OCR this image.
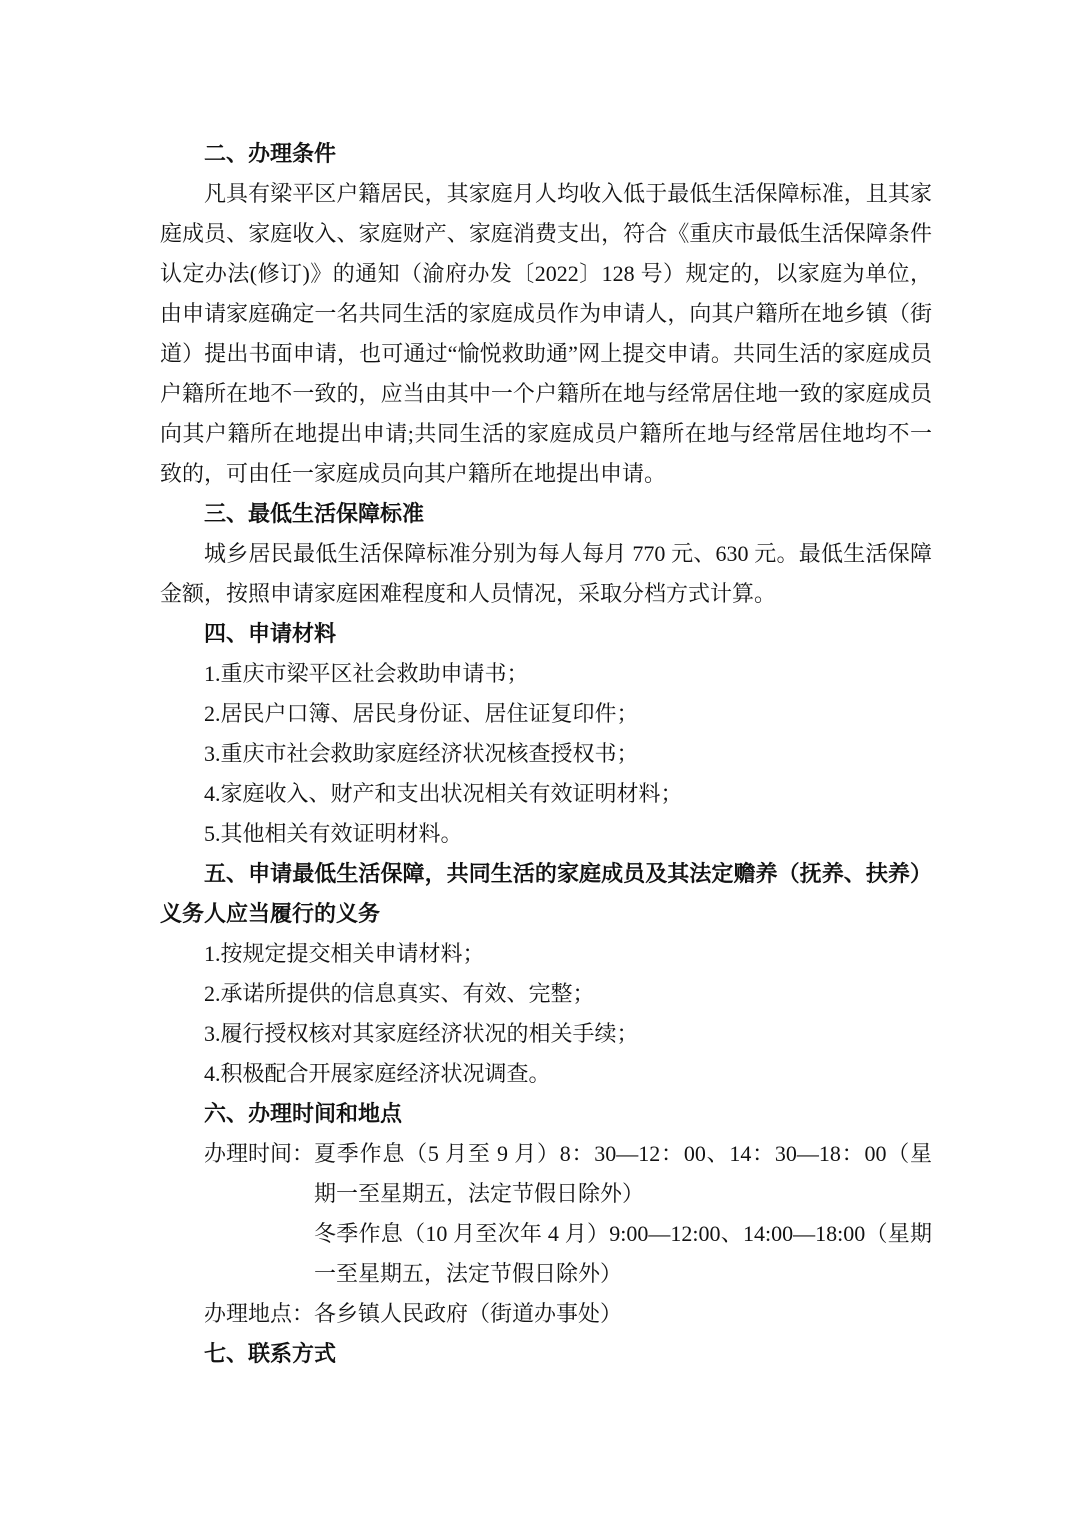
二、办理条件

凡具有梁平区户籍居民，其家庭月人均收入低于最低生活保障标准，且其家庭成员、家庭收入、家庭财产、家庭消费支出，符合《重庆市最低生活保障条件认定办法(修订)》的通知（渝府办发〔2022〕128 号）规定的，以家庭为单位，由申请家庭确定一名共同生活的家庭成员作为申请人，向其户籍所在地乡镇（街道）提出书面申请，也可通过“愉悦救助通”网上提交申请。共同生活的家庭成员户籍所在地不一致的，应当由其中一个户籍所在地与经常居住地一致的家庭成员向其户籍所在地提出申请;共同生活的家庭成员户籍所在地与经常居住地均不一致的，可由任一家庭成员向其户籍所在地提出申请。

三、最低生活保障标准

城乡居民最低生活保障标准分别为每人每月 770 元、630 元。最低生活保障金额，按照申请家庭困难程度和人员情况，采取分档方式计算。

四、申请材料

1.重庆市梁平区社会救助申请书；

2.居民户口簿、居民身份证、居住证复印件；

3.重庆市社会救助家庭经济状况核查授权书；

4.家庭收入、财产和支出状况相关有效证明材料；

5.其他相关有效证明材料。

五、申请最低生活保障，共同生活的家庭成员及其法定赡养（抚养、扶养）义务人应当履行的义务

1.按规定提交相关申请材料；

2.承诺所提供的信息真实、有效、完整；

3.履行授权核对其家庭经济状况的相关手续；

4.积极配合开展家庭经济状况调查。

六、办理时间和地点

办理时间： 夏季作息（5 月至 9 月）8：30—12：00、14：30—18：00（星期一至星期五，法定节假日除外）

冬季作息（10 月至次年 4 月）9:00—12:00、14:00—18:00（星期一至星期五，法定节假日除外）

办理地点：各乡镇人民政府（街道办事处）

七、联系方式
